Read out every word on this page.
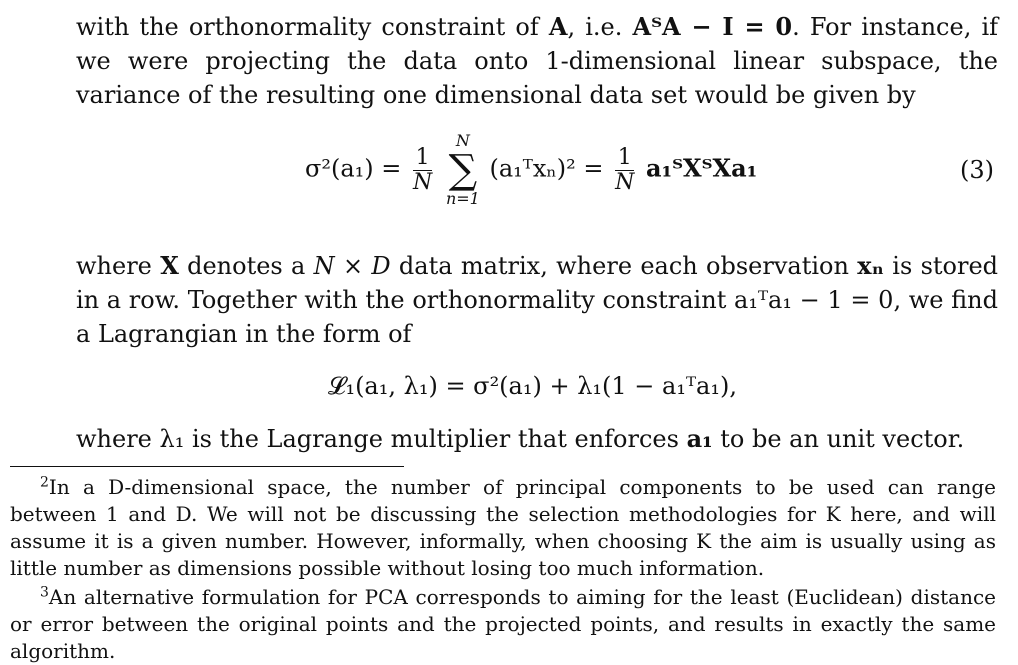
with the orthonormality constraint of A, i.e. AᵀA − I = 0. For instance, if we were projecting the data onto 1-dimensional linear subspace, the variance of the resulting one dimensional data set would be given by
$\sigma^2(a_1) = \frac{1}{N}$

N
∑
n=1
(a₁ᵀxₙ)² = $\frac{1}{N}$ a₁ᵀXᵀXa₁	(3)
where X denotes a N × D data matrix, where each observation xₙ is stored in a row. Together with the orthonormality constraint a₁ᵀa₁ − 1 = 0, we find a Lagrangian in the form of
𝓛₁(a₁, λ₁) = σ²(a₁) + λ₁(1 − a₁ᵀa₁),
where λ₁ is the Lagrange multiplier that enforces a₁ to be an unit vector.
$^2$In a D-dimensional space, the number of principal components to be used can range between 1 and D. We will not be discussing the selection methodologies for K here, and will assume it is a given number. However, informally, when choosing K the aim is usually using as little number as dimensions possible without losing too much information.
$^3$An alternative formulation for PCA corresponds to aiming for the least (Euclidean) distance or error between the original points and the projected points, and results in exactly the same algorithm.
